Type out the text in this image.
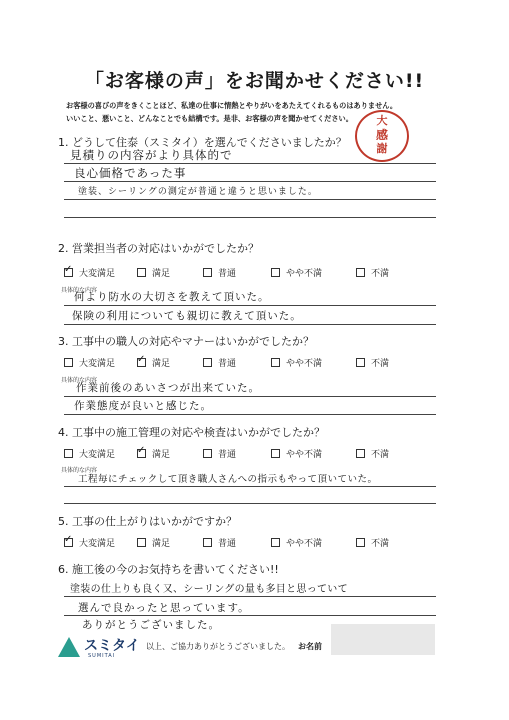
「お客様の声」をお聞かせください!!
お客様の喜びの声をきくことほど、私達の仕事に情熱とやりがいをあたえてくれるものはありません。
いいこと、悪いこと、どんなことでも結構です。是非、お客様の声を聞かせてください。	大
感
謝
1. どうして住泰（スミタイ）を選んでくださいましたか？
見積りの内容がより具体的で
良心価格であった事
塗装、シーリングの測定が普通と違うと思いました。
2. 営業担当者の対応はいかがでしたか？
✓大変満足	満足	普通	やや不満	不満
具体的な内容
何より防水の大切さを教えて頂いた。
保険の利用についても親切に教えて頂いた。
3. 工事中の職人の対応やマナーはいかがでしたか？
大変満足 ✓	満足	普通	やや不満	不満
具体的な内容
作業前後のあいさつが出来ていた。
作業態度が良いと感じた。
4. 工事中の施工管理の対応や検査はいかがでしたか？
大変満足 ✓	満足	普通	やや不満	不満
具体的な内容
工程毎にチェックして頂き職人さんへの指示もやって頂いていた。
5. 工事の仕上がりはいかがですか？
✓大変満足	満足	普通	やや不満	不満
6. 施工後の今のお気持ちを書いてください!!
塗装の仕上りも良く又、シーリングの量も多目と思っていて
選んで良かったと思っています。
ありがとうございました。
スミタイ
SUMITAI
以上、ご協力ありがとうございました。 お名前
